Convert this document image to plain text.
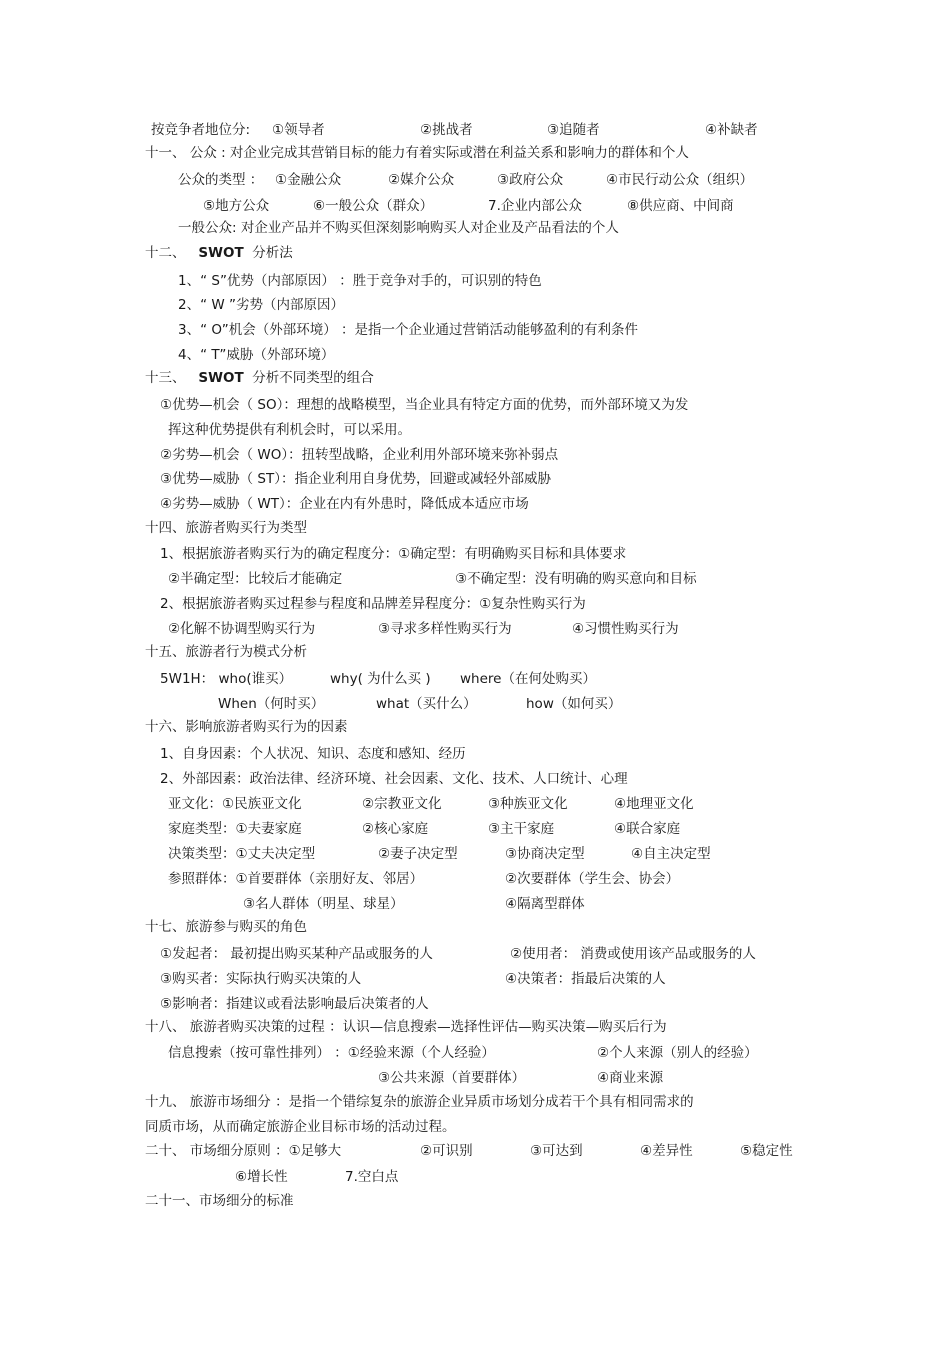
按竞争者地位分: ①领导者	②挑战者	③追随者	④补缺者
十一、 公众 : 对企业完成其营销目标的能力有着实际或潜在利益关系和影响力的群体和个人
公众的类型 ： ①金融公众	②媒介公众	③政府公众	④市民行动公众（组织）
⑤地方公众	⑥一般公众（群众）	7.企业内部公众	⑧供应商、中间商
一般公众: 对企业产品并不购买但深刻影响购买人对企业及产品看法的个人
十二、 SWOT 分析法
1、“ S”优势（内部原因） ：胜于竞争对手的，可识别的特色
2、“ W ”劣势（内部原因）
3、“ O”机会（外部环境） ：是指一个企业通过营销活动能够盈利的有利条件
4、“ T”威胁（外部环境）
十三、 SWOT 分析不同类型的组合
①优势—机会（ SO）：理想的战略模型，当企业具有特定方面的优势，而外部环境又为发
挥这种优势提供有利机会时，可以采用。
②劣势—机会（ WO）：扭转型战略，企业利用外部环境来弥补弱点
③优势—威胁（ ST）：指企业利用自身优势，回避或减轻外部威胁
④劣势—威胁（ WT）：企业在内有外患时，降低成本适应市场
十四、旅游者购买行为类型
1、根据旅游者购买行为的确定程度分：①确定型：有明确购买目标和具体要求
②半确定型：比较后才能确定	③不确定型：没有明确的购买意向和目标
2、根据旅游者购买过程参与程度和品牌差异程度分：①复杂性购买行为
②化解不协调型购买行为	③寻求多样性购买行为	④习惯性购买行为
十五、旅游者行为模式分析
5W1H： who(谁买）	why( 为什么买 ) where（在何处购买）
When（何时买）	what（买什么）	how（如何买）
十六、影响旅游者购买行为的因素
1、自身因素：个人状况、知识、态度和感知、经历
2、外部因素：政治法律、经济环境、社会因素、文化、技术、人口统计、心理
亚文化：①民族亚文化	②宗教亚文化	③种族亚文化	④地理亚文化
家庭类型：①夫妻家庭	②核心家庭	③主干家庭	④联合家庭
决策类型：①丈夫决定型	②妻子决定型	③协商决定型	④自主决定型
参照群体：①首要群体（亲朋好友、邻居）	②次要群体（学生会、协会）
③名人群体（明星、球星）	④隔离型群体
十七、旅游参与购买的角色
①发起者： 最初提出购买某种产品或服务的人	②使用者： 消费或使用该产品或服务的人
③购买者：实际执行购买决策的人	④决策者：指最后决策的人
⑤影响者：指建议或看法影响最后决策者的人
十八、 旅游者购买决策的过程 ：认识—信息搜索—选择性评估—购买决策—购买后行为
信息搜索（按可靠性排列） ：①经验来源（个人经验）	②个人来源（别人的经验）
③公共来源（首要群体）	④商业来源
十九、 旅游市场细分 ：是指一个错综复杂的旅游企业异质市场划分成若干个具有相同需求的
同质市场，从而确定旅游企业目标市场的活动过程。
二十、 市场细分原则 ：①足够大	②可识别	③可达到	④差异性	⑤稳定性
⑥增长性	7.空白点
二十一、市场细分的标准
